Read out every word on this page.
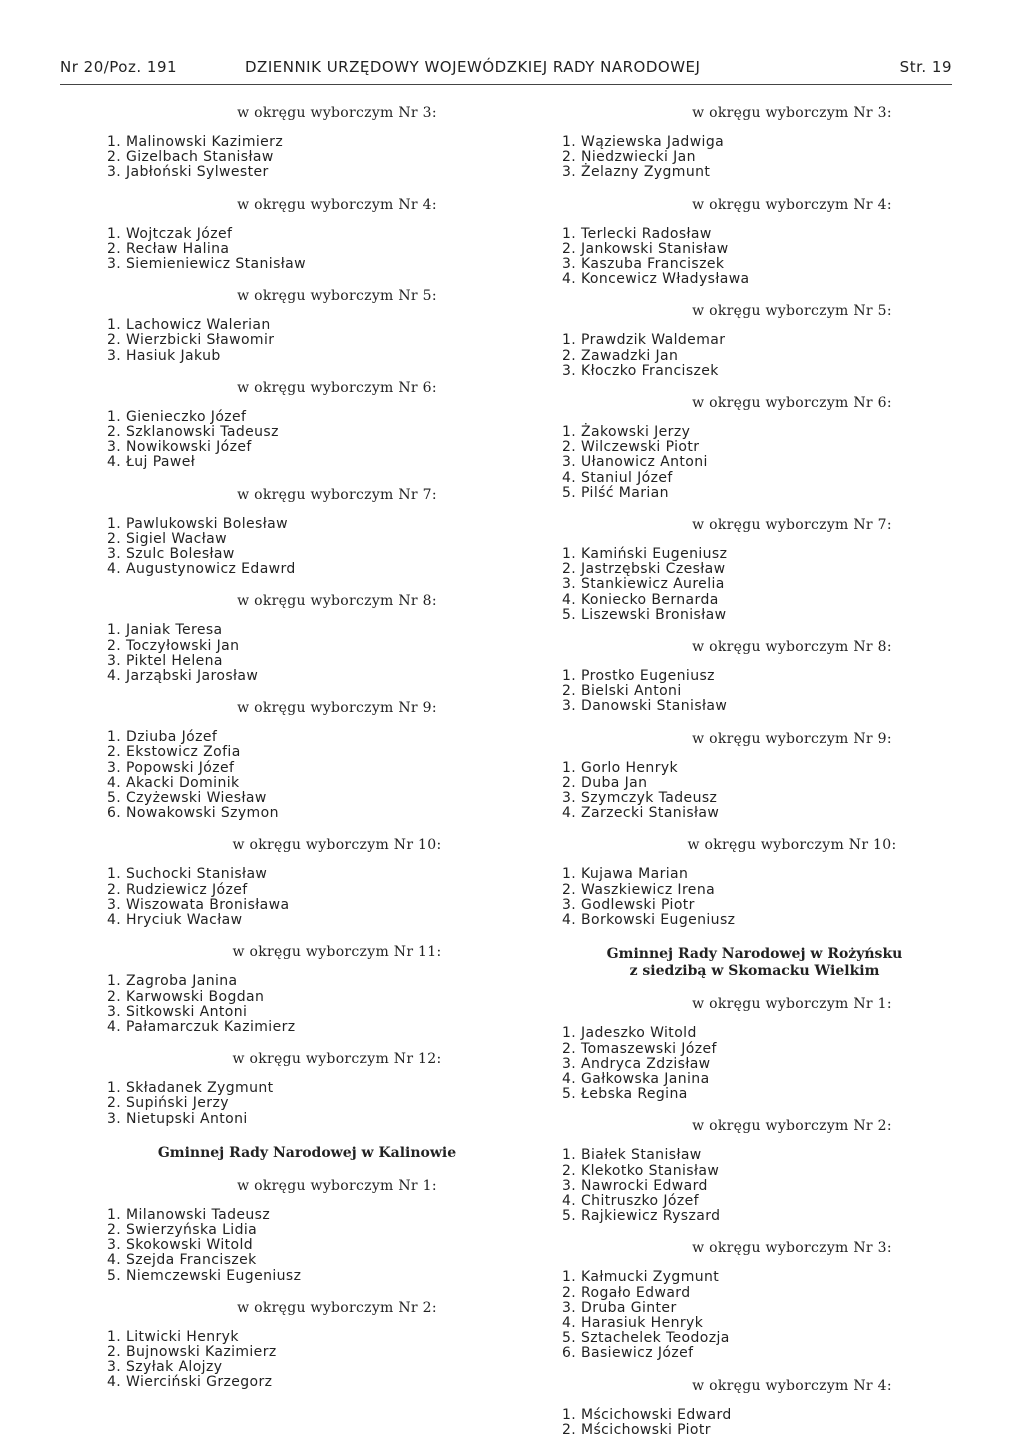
Nr 20/Poz. 191	DZIENNIK URZĘDOWY WOJEWÓDZKIEJ RADY NARODOWEJ	Str. 19
w okręgu wyborczym Nr 3:
1. Malinowski Kazimierz
2. Gizelbach Stanisław
3. Jabłoński Sylwester
w okręgu wyborczym Nr 4:
1. Wojtczak Józef
2. Recław Halina
3. Siemieniewicz Stanisław
w okręgu wyborczym Nr 5:
1. Lachowicz Walerian
2. Wierzbicki Sławomir
3. Hasiuk Jakub
w okręgu wyborczym Nr 6:
1. Gienieczko Józef
2. Szklanowski Tadeusz
3. Nowikowski Józef
4. Łuj Paweł
w okręgu wyborczym Nr 7:
1. Pawlukowski Bolesław
2. Sigiel Wacław
3. Szulc Bolesław
4. Augustynowicz Edawrd
w okręgu wyborczym Nr 8:
1. Janiak Teresa
2. Toczyłowski Jan
3. Piktel Helena
4. Jarząbski Jarosław
w okręgu wyborczym Nr 9:
1. Dziuba Józef
2. Ekstowicz Zofia
3. Popowski Józef
4. Akacki Dominik
5. Czyżewski Wiesław
6. Nowakowski Szymon
w okręgu wyborczym Nr 10:
1. Suchocki Stanisław
2. Rudziewicz Józef
3. Wiszowata Bronisława
4. Hryciuk Wacław
w okręgu wyborczym Nr 11:
1. Zagroba Janina
2. Karwowski Bogdan
3. Sitkowski Antoni
4. Pałamarczuk Kazimierz
w okręgu wyborczym Nr 12:
1. Składanek Zygmunt
2. Supiński Jerzy
3. Nietupski Antoni
Gminnej Rady Narodowej w Kalinowie
w okręgu wyborczym Nr 1:
1. Milanowski Tadeusz
2. Swierzyńska Lidia
3. Skokowski Witold
4. Szejda Franciszek
5. Niemczewski Eugeniusz
w okręgu wyborczym Nr 2:
1. Litwicki Henryk
2. Bujnowski Kazimierz
3. Szyłak Alojzy
4. Wierciński Grzegorz
w okręgu wyborczym Nr 3:
1. Wąziewska Jadwiga
2. Niedzwiecki Jan
3. Żelazny Zygmunt
w okręgu wyborczym Nr 4:
1. Terlecki Radosław
2. Jankowski Stanisław
3. Kaszuba Franciszek
4. Koncewicz Władysława
w okręgu wyborczym Nr 5:
1. Prawdzik Waldemar
2. Zawadzki Jan
3. Kłoczko Franciszek
w okręgu wyborczym Nr 6:
1. Żakowski Jerzy
2. Wilczewski Piotr
3. Ułanowicz Antoni
4. Staniul Józef
5. Pilść Marian
w okręgu wyborczym Nr 7:
1. Kamiński Eugeniusz
2. Jastrzębski Czesław
3. Stankiewicz Aurelia
4. Koniecko Bernarda
5. Liszewski Bronisław
w okręgu wyborczym Nr 8:
1. Prostko Eugeniusz
2. Bielski Antoni
3. Danowski Stanisław
w okręgu wyborczym Nr 9:
1. Gorlo Henryk
2. Duba Jan
3. Szymczyk Tadeusz
4. Zarzecki Stanisław
w okręgu wyborczym Nr 10:
1. Kujawa Marian
2. Waszkiewicz Irena
3. Godlewski Piotr
4. Borkowski Eugeniusz
Gminnej Rady Narodowej w Rożyńsku
z siedzibą w Skomacku Wielkim
w okręgu wyborczym Nr 1:
1. Jadeszko Witold
2. Tomaszewski Józef
3. Andryca Zdzisław
4. Gałkowska Janina
5. Łebska Regina
w okręgu wyborczym Nr 2:
1. Białek Stanisław
2. Klekotko Stanisław
3. Nawrocki Edward
4. Chitruszko Józef
5. Rajkiewicz Ryszard
w okręgu wyborczym Nr 3:
1. Kałmucki Zygmunt
2. Rogało Edward
3. Druba Ginter
4. Harasiuk Henryk
5. Sztachelek Teodozja
6. Basiewicz Józef
w okręgu wyborczym Nr 4:
1. Mścichowski Edward
2. Mścichowski Piotr
